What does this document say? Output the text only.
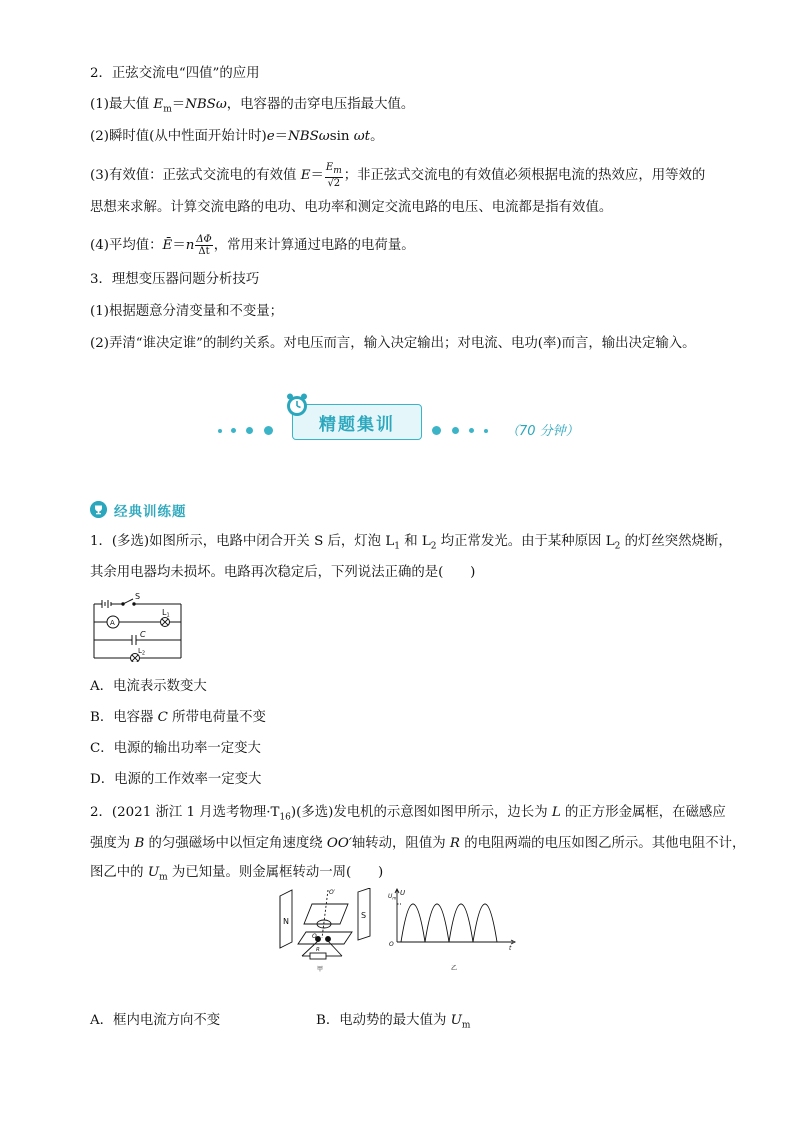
2．正弦交流电“四值”的应用
(1)最大值 $E_m=NBS\omega$，电容器的击穿电压指最大值。
(2)瞬时值(从中性面开始计时)e＝NBSωsin ωt。
(3)有效值：正弦式交流电的有效值 $E= \frac{E_m}{√2}$ ；非正弦式交流电的有效值必须根据电流的热效应，用等效的
思想来求解。计算交流电路的电功、电功率和测定交流电路的电压、电流都是指有效值。
(4)平均值：Ē＝n $\frac{\Delta\Phi}{\Delta t}$ ，常用来计算通过电路的电荷量。
3．理想变压器问题分析技巧
(1)根据题意分清变量和不变量；
(2)弄清“谁决定谁”的制约关系。对电压而言，输入决定输出；对电流、电功(率)而言，输出决定输入。
精题集训	（70 分钟）
经典训练题
1．(多选)如图所示，电路中闭合开关 S 后，灯泡 $L_1$ 和 $L_2$ 均正常发光。由于某种原因 $L_2$ 的灯丝突然烧断，
其余用电器均未损坏。电路再次稳定后，下列说法正确的是(　　)
S
L1
A
C
$L_2$
A．电流表示数变大
B．电容器 C 所带电荷量不变
C．电源的输出功率一定变大
D．电源的工作效率一定变大
2．(2021 浙江 1 月选考物理$\cdot T_{16}$)(多选)发电机的示意图如图甲所示，边长为 L 的正方形金属框，在磁感应
强度为 B 的匀强磁场中以恒定角速度绕 OO′轴转动，阻值为 R 的电阻两端的电压如图乙所示。其他电阻不计，
图乙中的 $U_m$ 为已知量。则金属框转动一周(　　)
N
S
O′
O
R
甲
$U_m$
U
O
t
乙
A．框内电流方向不变	B．电动势的最大值为 $U_m$
